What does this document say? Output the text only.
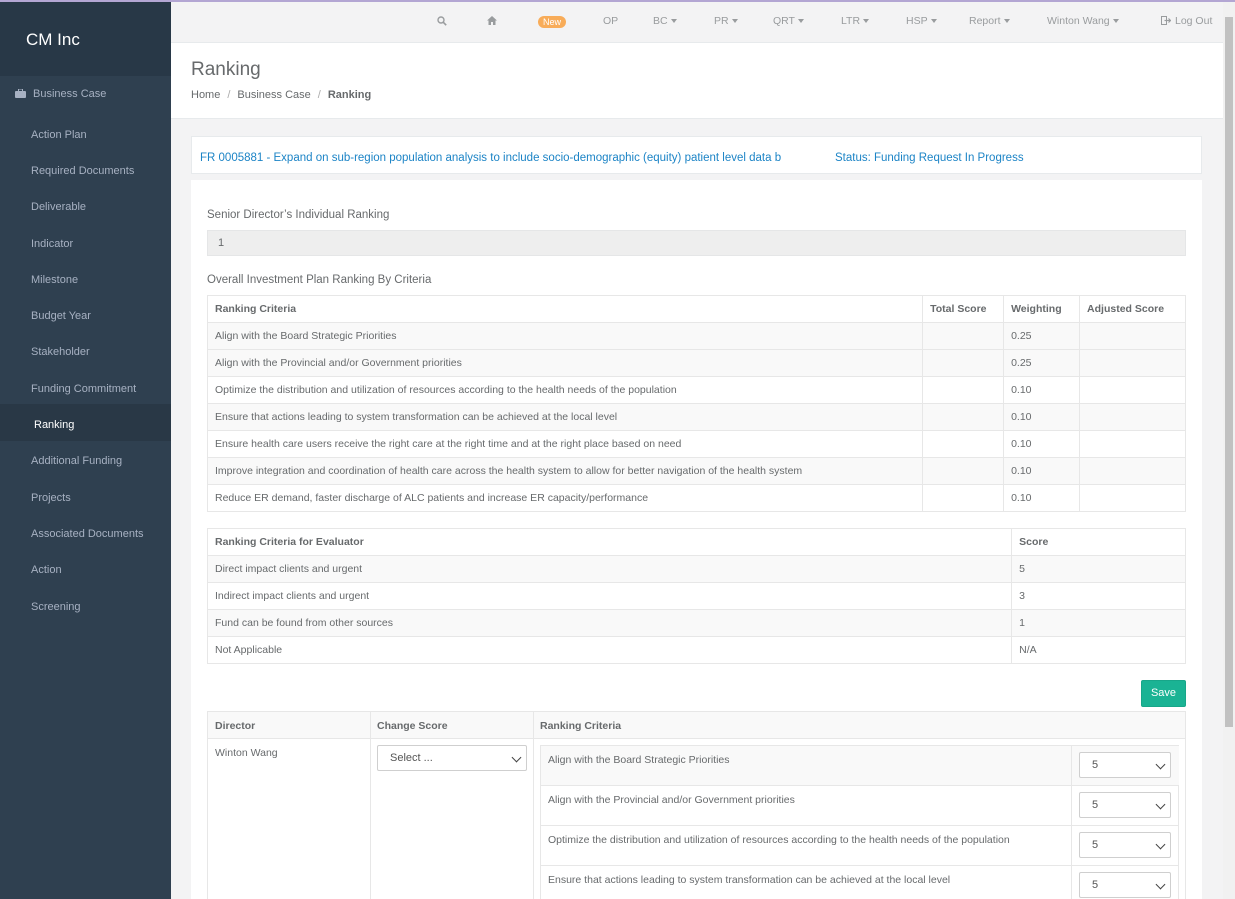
CM Inc
Business Case
Action Plan
Required Documents
Deliverable
Indicator
Milestone
Budget Year
Stakeholder
Funding Commitment
Ranking
Additional Funding
Projects
Associated Documents
Action
Screening
New	OP	BC	PR	QRT	LTR	HSP	Report	Winton Wang	Log Out
Ranking
Home / Business Case / Ranking
FR 0005881 - Expand on sub-region population analysis to include socio-demographic (equity) patient level data b	Status: Funding Request In Progress
Senior Director’s Individual Ranking
1
Overall Investment Plan Ranking By Criteria
Ranking Criteria	Total Score	Weighting	Adjusted Score
Align with the Board Strategic Priorities		0.25	
Align with the Provincial and/or Government priorities		0.25	
Optimize the distribution and utilization of resources according to the health needs of the population		0.10	
Ensure that actions leading to system transformation can be achieved at the local level		0.10	
Ensure health care users receive the right care at the right time and at the right place based on need		0.10	
Improve integration and coordination of health care across the health system to allow for better navigation of the health system		0.10	
Reduce ER demand, faster discharge of ALC patients and increase ER capacity/performance		0.10	
Ranking Criteria for Evaluator	Score
Direct impact clients and urgent	5
Indirect impact clients and urgent	3
Fund can be found from other sources	1
Not Applicable	N/A
Save
Director	Change Score	Ranking Criteria
Winton Wang	Select ...	Align with the Board Strategic Priorities	5
Align with the Provincial and/or Government priorities	5
Optimize the distribution and utilization of resources according to the health needs of the population	5
Ensure that actions leading to system transformation can be achieved at the local level	5
